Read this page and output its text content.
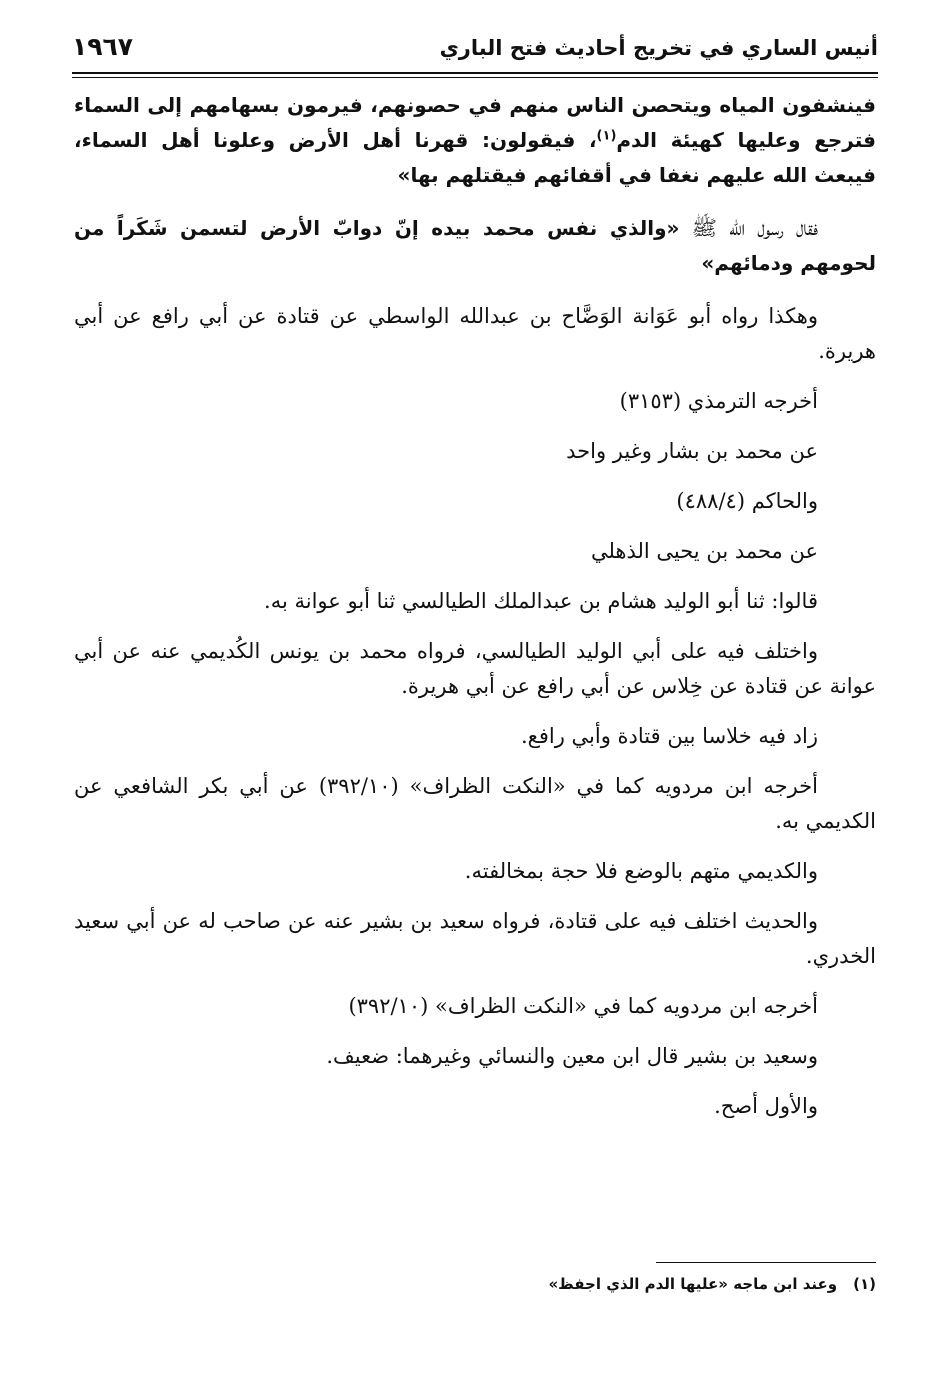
أنيس الساري في تخريج أحاديث فتح الباري
١٩٦٧

فينشفون المياه ويتحصن الناس منهم في حصونهم، فيرمون بسهامهم إلى السماء فترجع وعليها كهيئة الدم$^{(١)}$، فيقولون: قهرنا أهل الأرض وعلونا أهل السماء، فيبعث الله عليهم نغفا في أقفائهم فيقتلهم بها»

فقال رسول الله ﷺ «والذي نفس محمد بيده إنّ دوابّ الأرض لتسمن شَكَراً من لحومهم ودمائهم»

وهكذا رواه أبو عَوَانة الوَضَّاح بن عبدالله الواسطي عن قتادة عن أبي رافع عن أبي هريرة.

أخرجه الترمذي (٣١٥٣)

عن محمد بن بشار وغير واحد

والحاكم (٤٨٨/٤)

عن محمد بن يحيى الذهلي

قالوا: ثنا أبو الوليد هشام بن عبدالملك الطيالسي ثنا أبو عوانة به.

واختلف فيه على أبي الوليد الطيالسي، فرواه محمد بن يونس الكُديمي عنه عن أبي عوانة عن قتادة عن خِلاس عن أبي رافع عن أبي هريرة.

زاد فيه خلاسا بين قتادة وأبي رافع.

أخرجه ابن مردويه كما في «النكت الظراف» (٣٩٢/١٠) عن أبي بكر الشافعي عن الكديمي به.

والكديمي متهم بالوضع فلا حجة بمخالفته.

والحديث اختلف فيه على قتادة، فرواه سعيد بن بشير عنه عن صاحب له عن أبي سعيد الخدري.

أخرجه ابن مردويه كما في «النكت الظراف» (٣٩٢/١٠)

وسعيد بن بشير قال ابن معين والنسائي وغيرهما: ضعيف.

والأول أصح.

(١)وعند ابن ماجه «عليها الدم الذي اجفظ»
